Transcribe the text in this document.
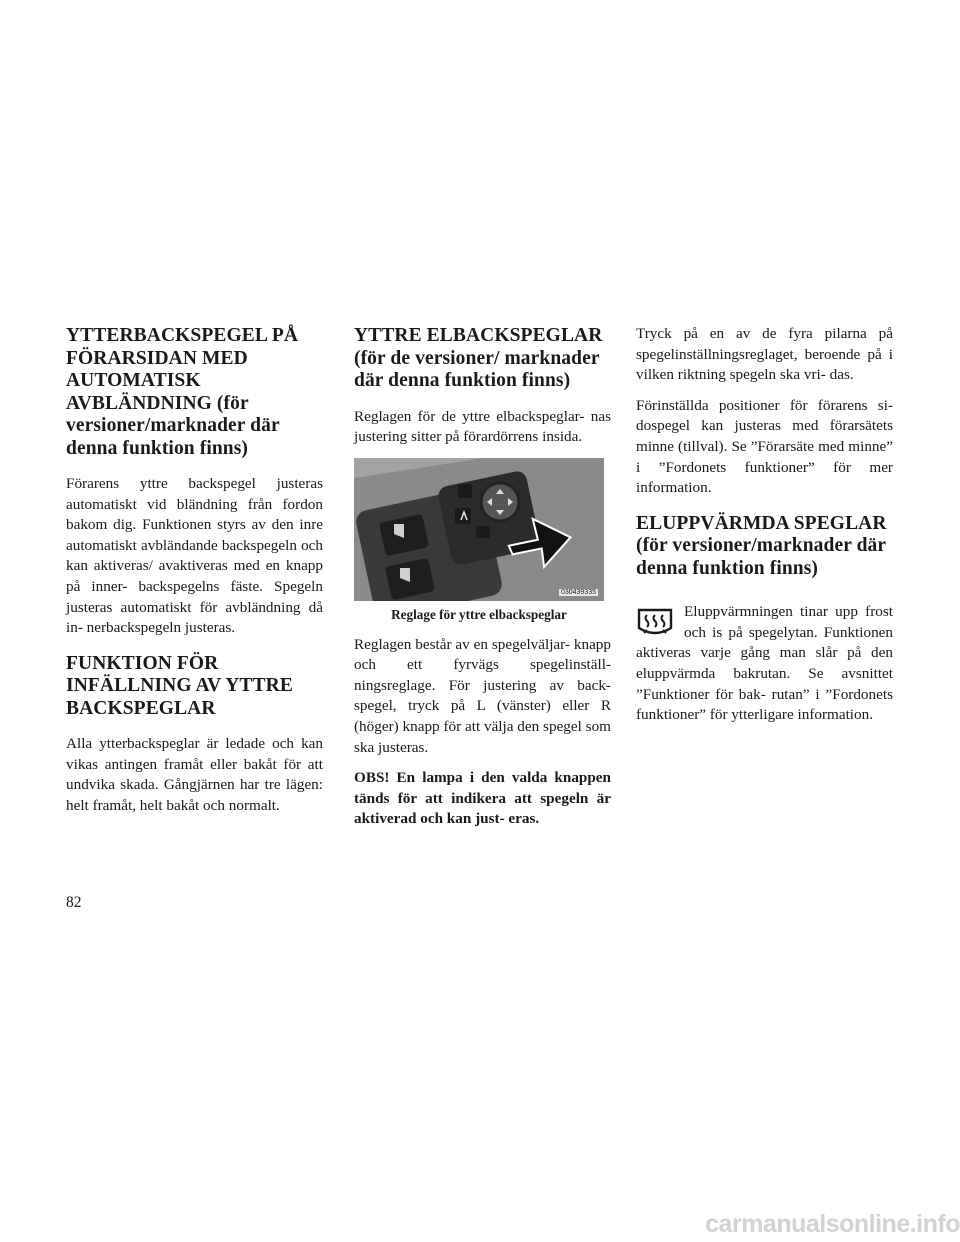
YTTERBACKSPEGEL PÅ FÖRARSIDAN MED AUTOMATISK AVBLÄNDNING (för versioner/marknader där denna funktion finns)

Förarens yttre backspegel justeras automatiskt vid bländning från fordon bakom dig. Funktionen styrs av den inre automatiskt avbländande backspegeln och kan aktiveras/ avaktiveras med en knapp på inner- backspegelns fäste. Spegeln justeras automatiskt för avbländning då in- nerbackspegeln justeras.

FUNKTION FÖR INFÄLLNING AV YTTRE BACKSPEGLAR

Alla ytterbackspeglar är ledade och kan vikas antingen framåt eller bakåt för att undvika skada. Gångjärnen har tre lägen: helt framåt, helt bakåt och normalt.

YTTRE ELBACKSPEGLAR
(för de versioner/ marknader där denna funktion finns)

Reglagen för de yttre elbackspeglar- nas justering sitter på förardörrens insida.

030439335
Reglage för yttre elbackspeglar

Reglagen består av en spegelväljar- knapp och ett fyrvägs spegelinställ- ningsreglage. För justering av back- spegel, tryck på L (vänster) eller R (höger) knapp för att välja den spegel som ska justeras.

OBS! En lampa i den valda knappen tänds för att indikera att spegeln är aktiverad och kan just- eras.

Tryck på en av de fyra pilarna på spegelinställningsreglaget, beroende på i vilken riktning spegeln ska vri- das.

Förinställda positioner för förarens si- dospegel kan justeras med förarsätets minne (tillval). Se ”Förarsäte med minne” i ”Fordonets funktioner” för mer information.

ELUPPVÄRMDA SPEGLAR
(för versioner/marknader där denna funktion finns)

Eluppvärmningen tinar upp frost och is på spegelytan. Funktionen aktiveras varje gång man slår på den eluppvärmda bakrutan. Se avsnittet ”Funktioner för bak- rutan” i ”Fordonets funktioner” för ytterligare information.

82
carmanualsonline.info
